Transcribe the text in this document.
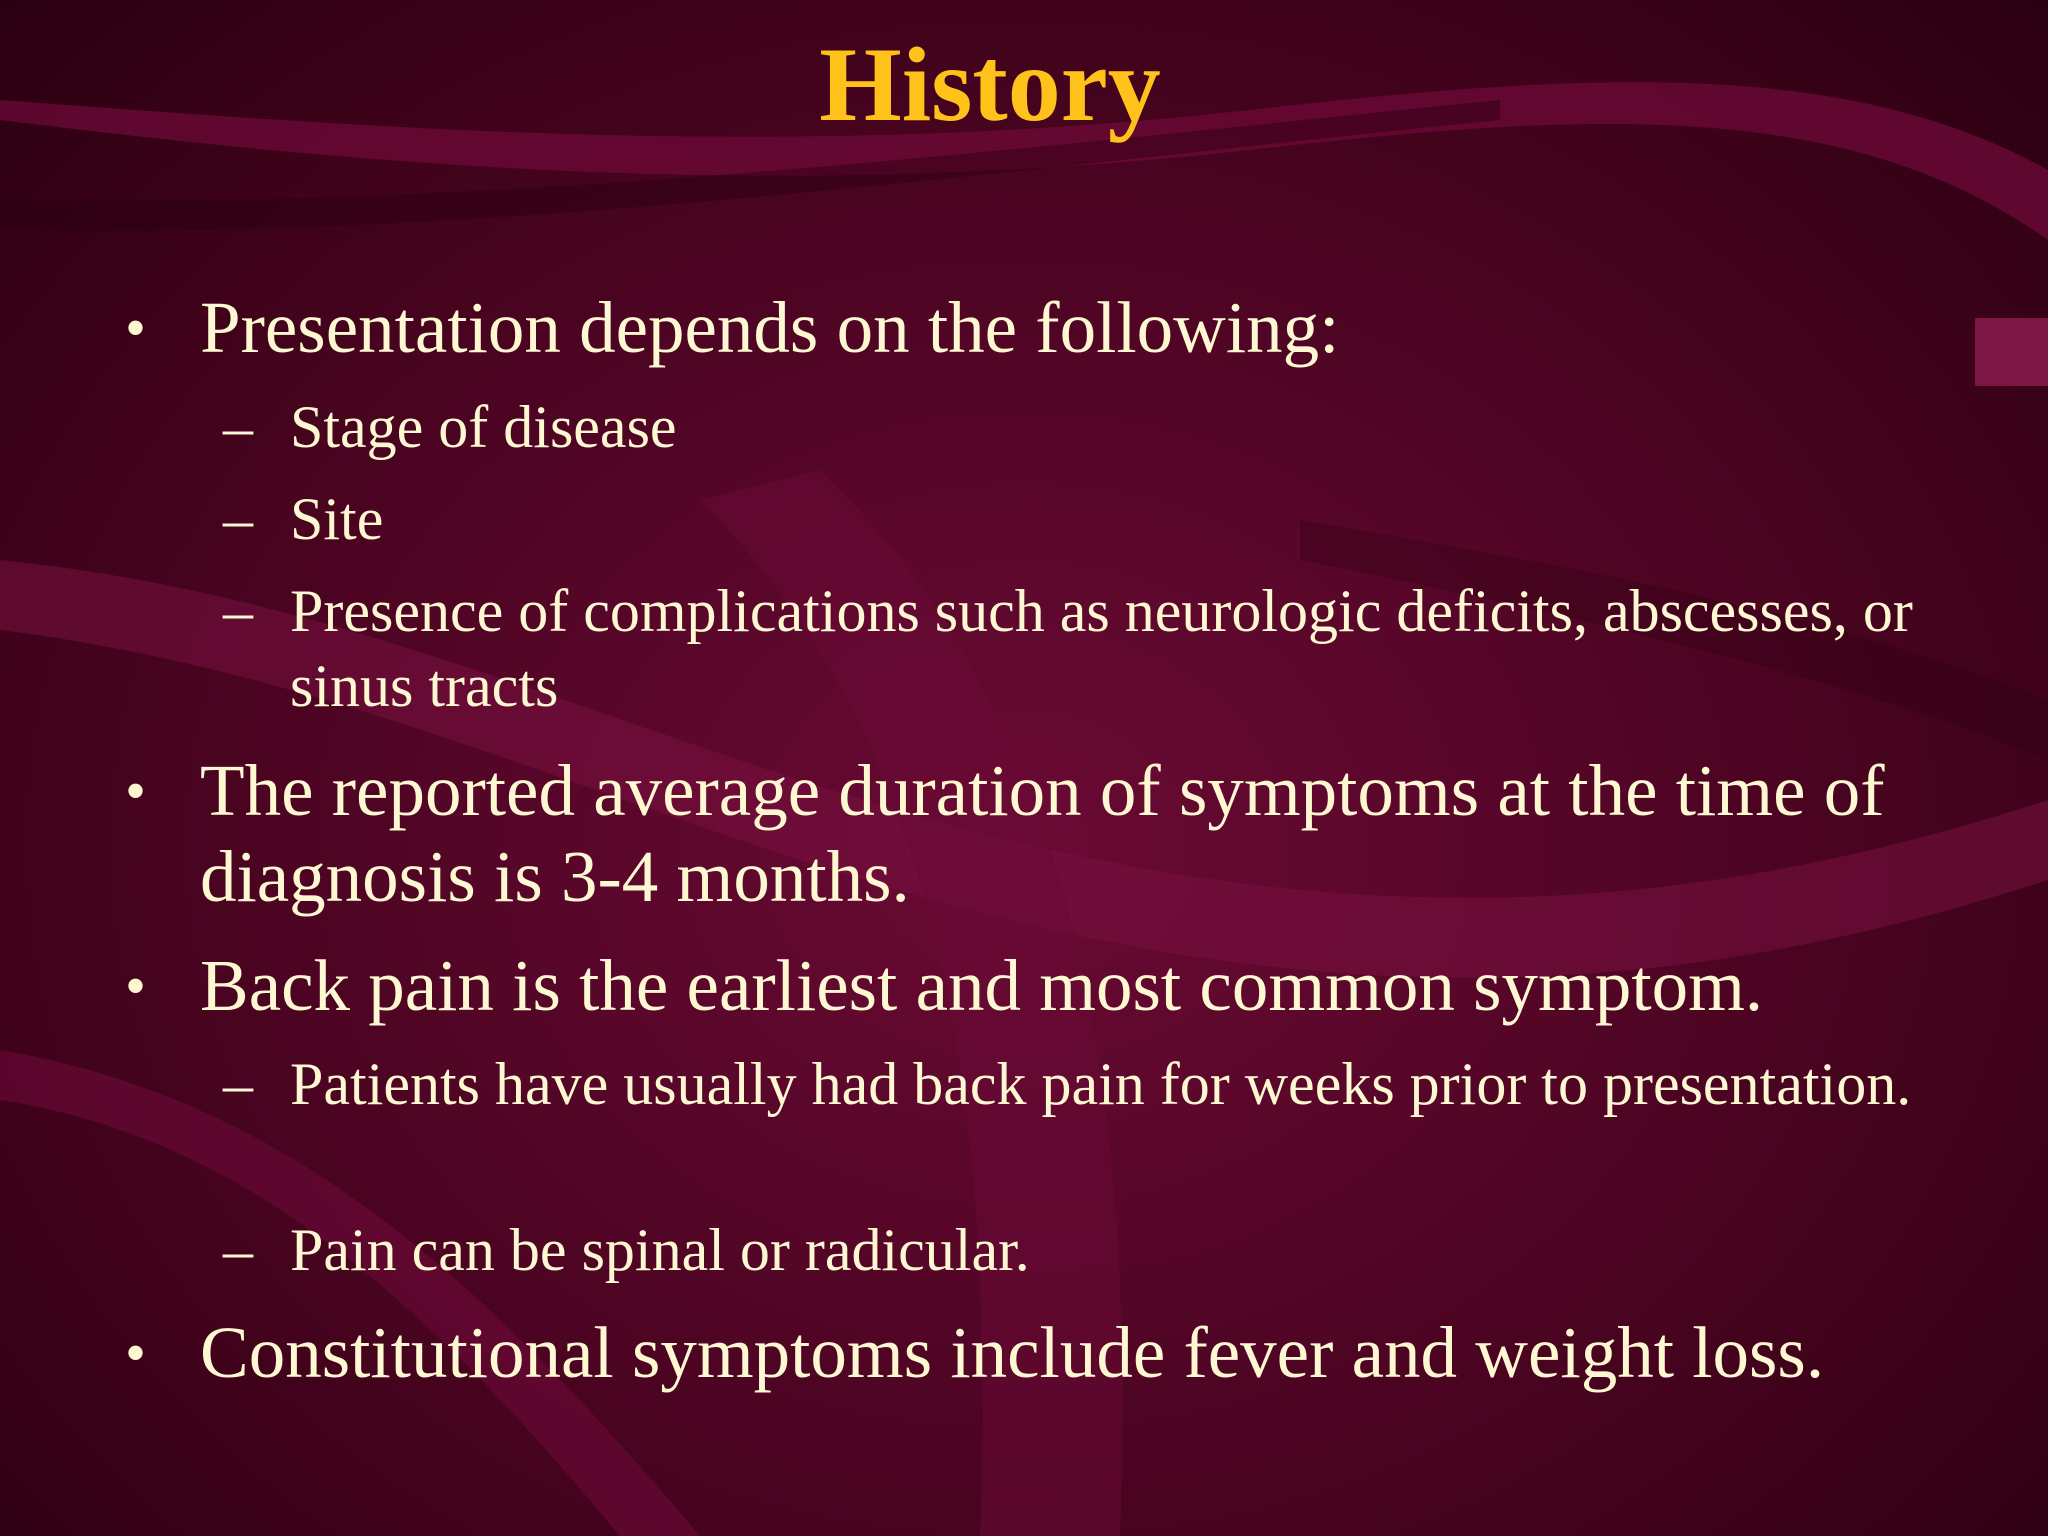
History
• Presentation depends on the following:
– Stage of disease
– Site
– Presence of complications such as neurologic deficits, abscesses, or sinus tracts
• The reported average duration of symptoms at the time of diagnosis is 3-4 months.
• Back pain is the earliest and most common symptom.
– Patients have usually had back pain for weeks prior to presentation.
– Pain can be spinal or radicular.
• Constitutional symptoms include fever and weight loss.
